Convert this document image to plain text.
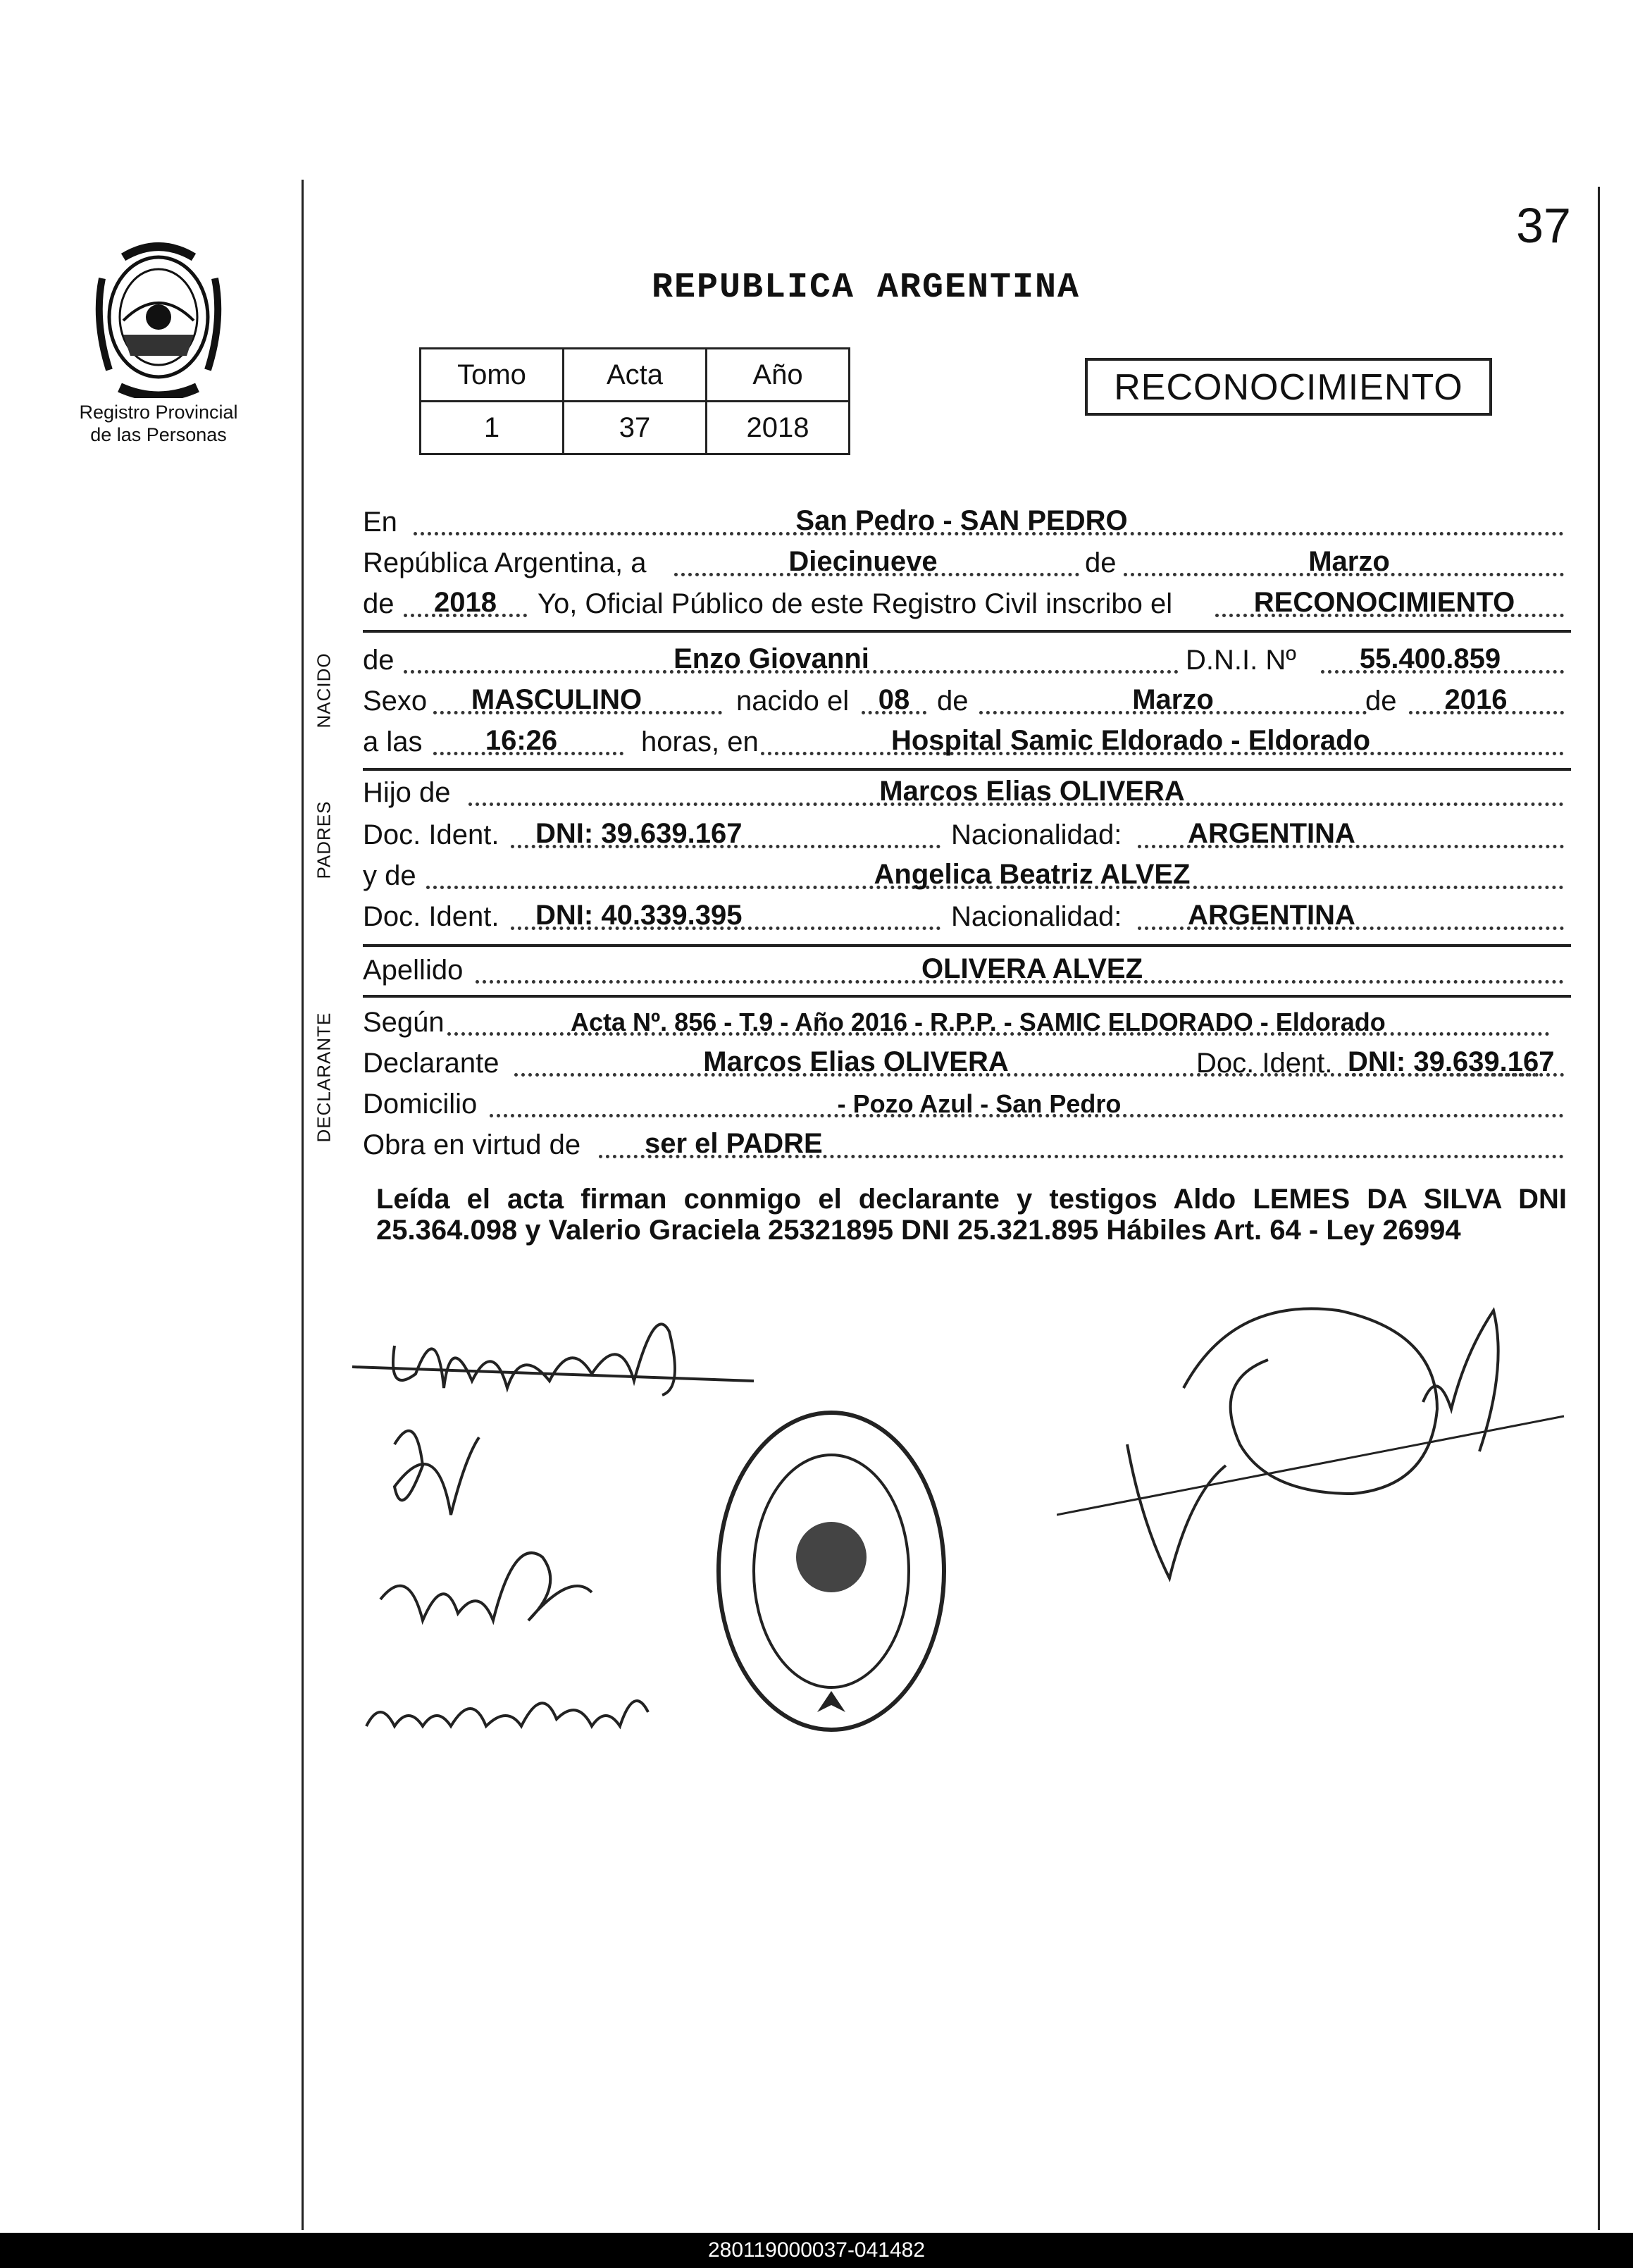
Registro Provincial
de las Personas
37
REPUBLICA ARGENTINA
Tomo	Acta	Año
1	37	2018
RECONOCIMIENTO
En	San Pedro - SAN PEDRO
República Argentina, a	Diecinueve	de	Marzo
de	2018	Yo, Oficial Público de este Registro Civil inscribo el	RECONOCIMIENTO
NACIDO de	Enzo Giovanni	D.N.I. Nº	55.400.859
Sexo	MASCULINO	nacido el	08 de	Marzo	de	2016
a las	16:26	horas, en	Hospital Samic Eldorado - Eldorado
PADRES
Hijo de	Marcos Elias OLIVERA
Doc. Ident. DNI: 39.639.167	Nacionalidad:	ARGENTINA
y de	Angelica Beatriz ALVEZ
Doc. Ident. DNI: 40.339.395	Nacionalidad:	ARGENTINA
Apellido	OLIVERA ALVEZ
DECLARANTE Según	Acta Nº. 856 - T.9 - Año 2016 - R.P.P. - SAMIC ELDORADO - Eldorado
Declarante	Marcos Elias OLIVERA	Doc. Ident. DNI: 39.639.167
Domicilio	- Pozo Azul - San Pedro
Obra en virtud de ser el PADRE
Leída el acta firman conmigo el declarante y testigos Aldo LEMES DA SILVA DNI 25.364.098 y Valerio Graciela 25321895 DNI 25.321.895 Hábiles Art. 64 - Ley 26994
280119000037-041482
